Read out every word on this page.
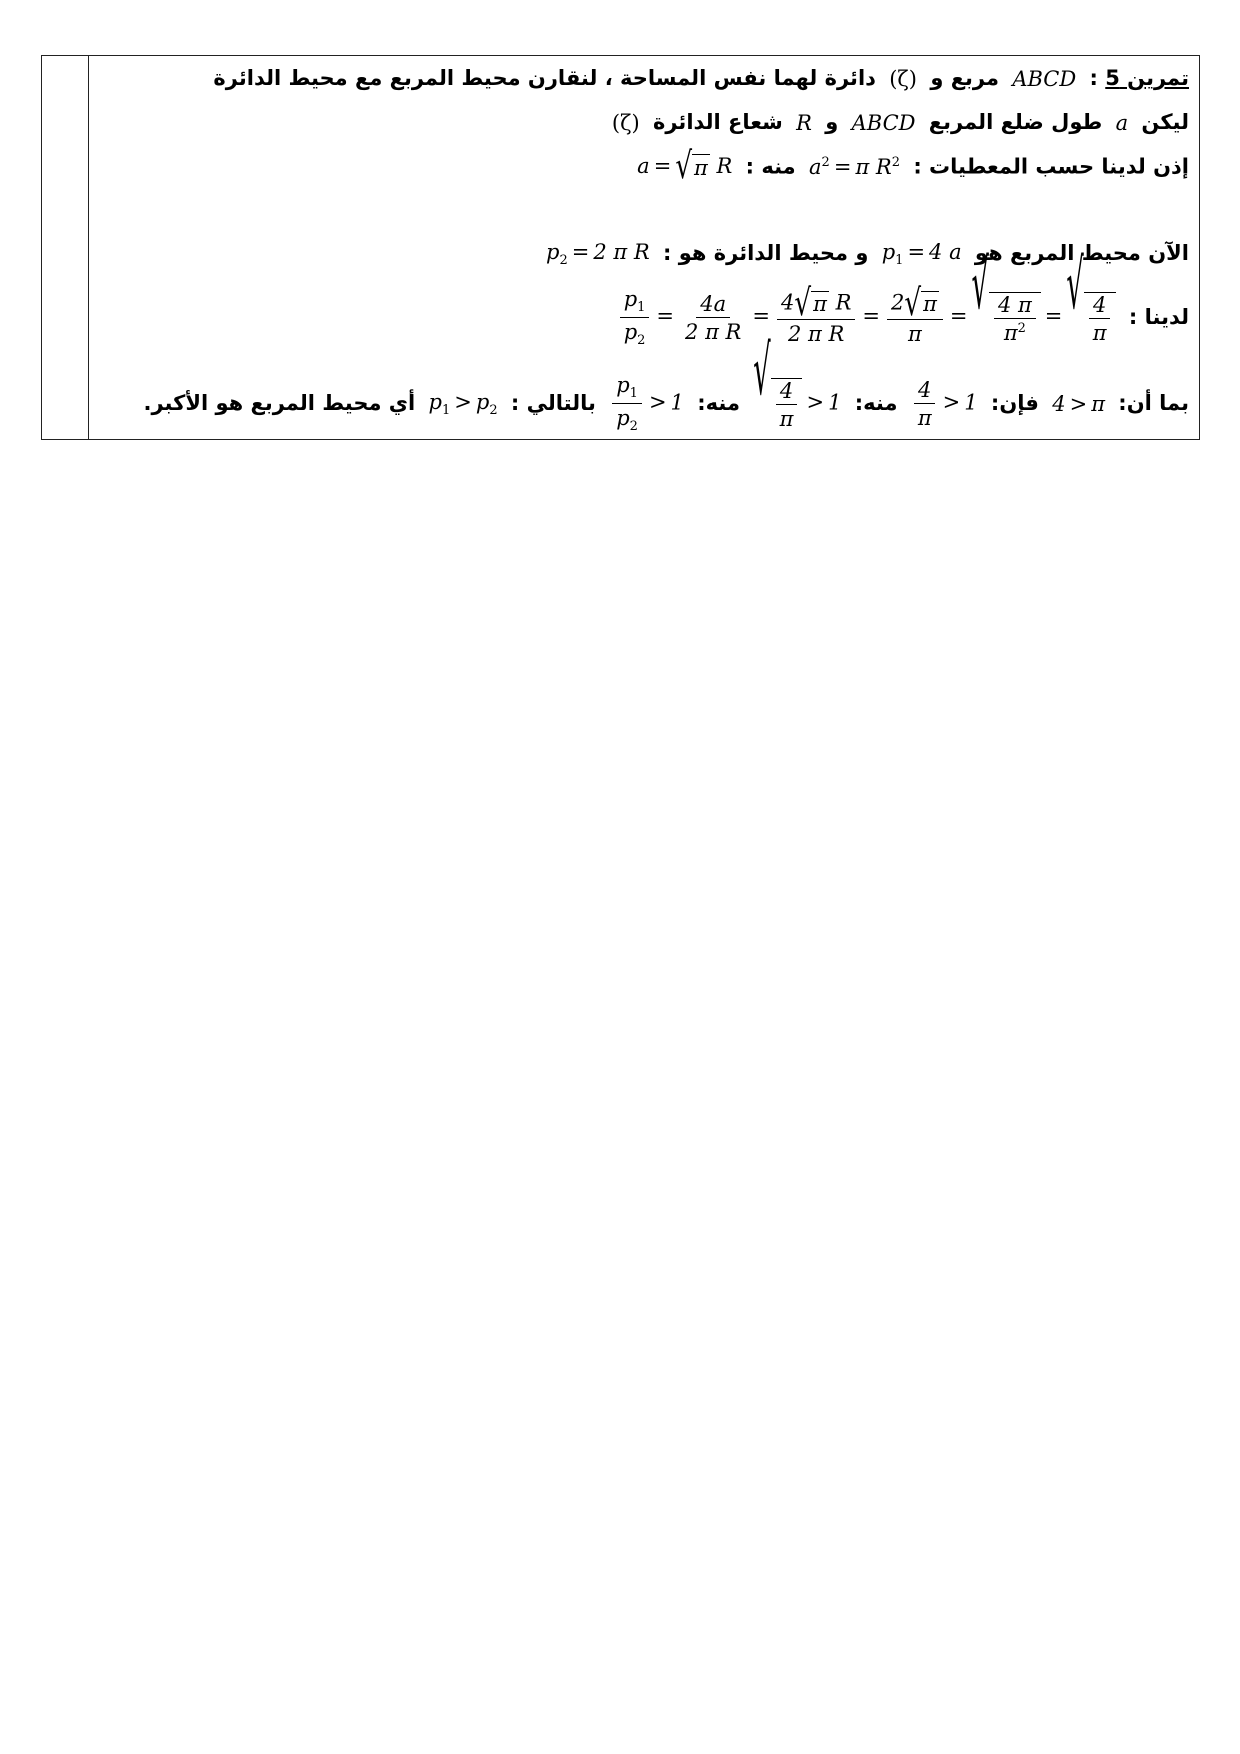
تمرين 5 : ABCD مربع و (ζ) دائرة لهما نفس المساحة ، لنقارن محيط المربع مع محيط الدائرة
ليكن a طول ضلع المربع ABCD و R شعاع الدائرة (ζ)
إذن لدينا حسب المعطيات : $a^2 = \pi$ $R^2$ منه : a = √ π R
الآن محيط المربع هو $p_1 = 4$ a و محيط الدائرة هو : $p_2 = 2$ π R
لدينا :
$\frac{p_1}{p_2} = \frac{4a}{\text{2 π R}} = \frac{\text{4 √ π R}}{\text{2 π R}} = \frac{2 √ \pi}{\pi}$ = √ $\frac{4 \pi}{\pi^2}$ = √ $\frac{4}{\pi}$
بما أن: 4 > π فإن:
$\frac{4}{\pi} > 1$ منه:
√ $\frac{4}{\pi} > 1$ منه:
$\frac{p_1}{p_2} > 1$ بالتالي : $p_1 > p_2$ أي محيط المربع هو الأكبر.
